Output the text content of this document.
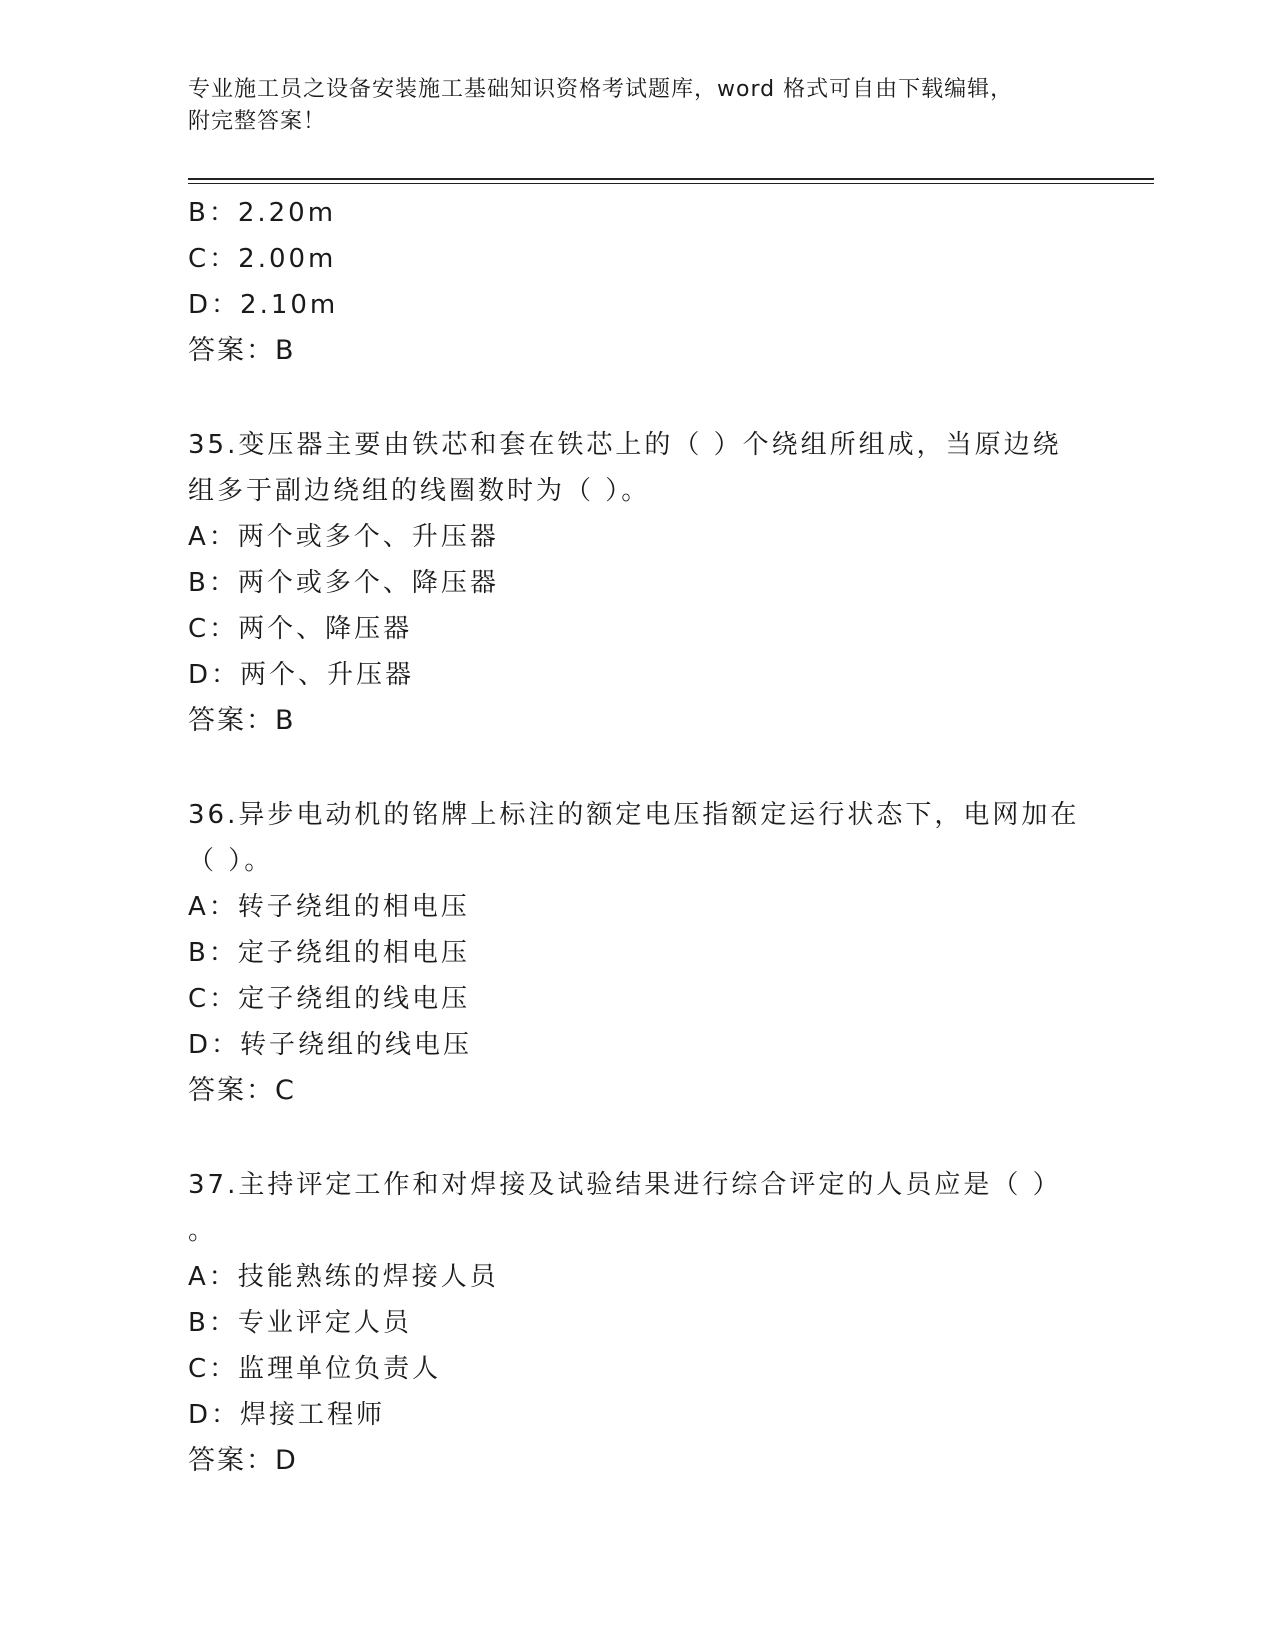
专业施工员之设备安装施工基础知识资格考试题库，word 格式可自由下载编辑，
附完整答案！
B：2.20m
C：2.00m
D：2.10m
答案：B
35.变压器主要由铁芯和套在铁芯上的（ ）个绕组所组成，当原边绕
组多于副边绕组的线圈数时为（ ）。
A：两个或多个、升压器
B：两个或多个、降压器
C：两个、降压器
D：两个、升压器
答案：B
36.异步电动机的铭牌上标注的额定电压指额定运行状态下，电网加在
（ ）。
A：转子绕组的相电压
B：定子绕组的相电压
C：定子绕组的线电压
D：转子绕组的线电压
答案：C
37.主持评定工作和对焊接及试验结果进行综合评定的人员应是（ ）
。
A：技能熟练的焊接人员
B：专业评定人员
C：监理单位负责人
D：焊接工程师
答案：D
